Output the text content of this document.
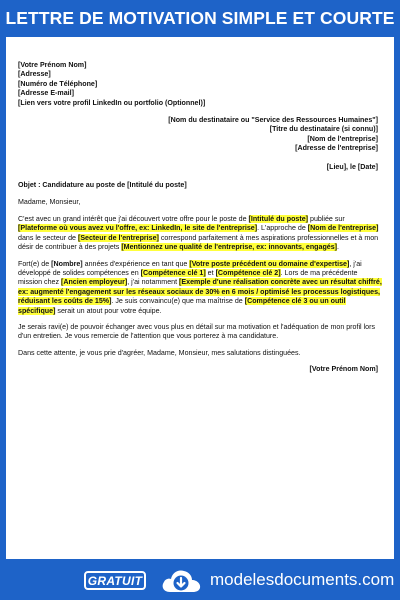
LETTRE DE MOTIVATION SIMPLE ET COURTE
[Votre Prénom Nom]
[Adresse]
[Numéro de Téléphone]
[Adresse E-mail]
[Lien vers votre profil LinkedIn ou portfolio (Optionnel)]
[Nom du destinataire ou "Service des Ressources Humaines"]
[Titre du destinataire (si connu)]
[Nom de l'entreprise]
[Adresse de l'entreprise]
[Lieu], le [Date]
Objet : Candidature au poste de [Intitulé du poste]

Madame, Monsieur,

C'est avec un grand intérêt que j'ai découvert votre offre pour le poste de [Intitulé du poste] publiée sur [Plateforme où vous avez vu l'offre, ex: LinkedIn, le site de l'entreprise]. L'approche de [Nom de l'entreprise] dans le secteur de [Secteur de l'entreprise] correspond parfaitement à mes aspirations professionnelles et à mon désir de contribuer à des projets [Mentionnez une qualité de l'entreprise, ex: innovants, engagés].

Fort(e) de [Nombre] années d'expérience en tant que [Votre poste précédent ou domaine d'expertise], j'ai développé de solides compétences en [Compétence clé 1] et [Compétence clé 2]. Lors de ma précédente mission chez [Ancien employeur], j'ai notamment [Exemple d'une réalisation concrète avec un résultat chiffré, ex: augmenté l'engagement sur les réseaux sociaux de 30% en 6 mois / optimisé les processus logistiques, réduisant les coûts de 15%]. Je suis convaincu(e) que ma maîtrise de [Compétence clé 3 ou un outil spécifique] serait un atout pour votre équipe.

Je serais ravi(e) de pouvoir échanger avec vous plus en détail sur ma motivation et l'adéquation de mon profil lors d'un entretien. Je vous remercie de l'attention que vous porterez à ma candidature.

Dans cette attente, je vous prie d'agréer, Madame, Monsieur, mes salutations distinguées.

[Votre Prénom Nom]
GRATUIT	modelesdocuments.com
